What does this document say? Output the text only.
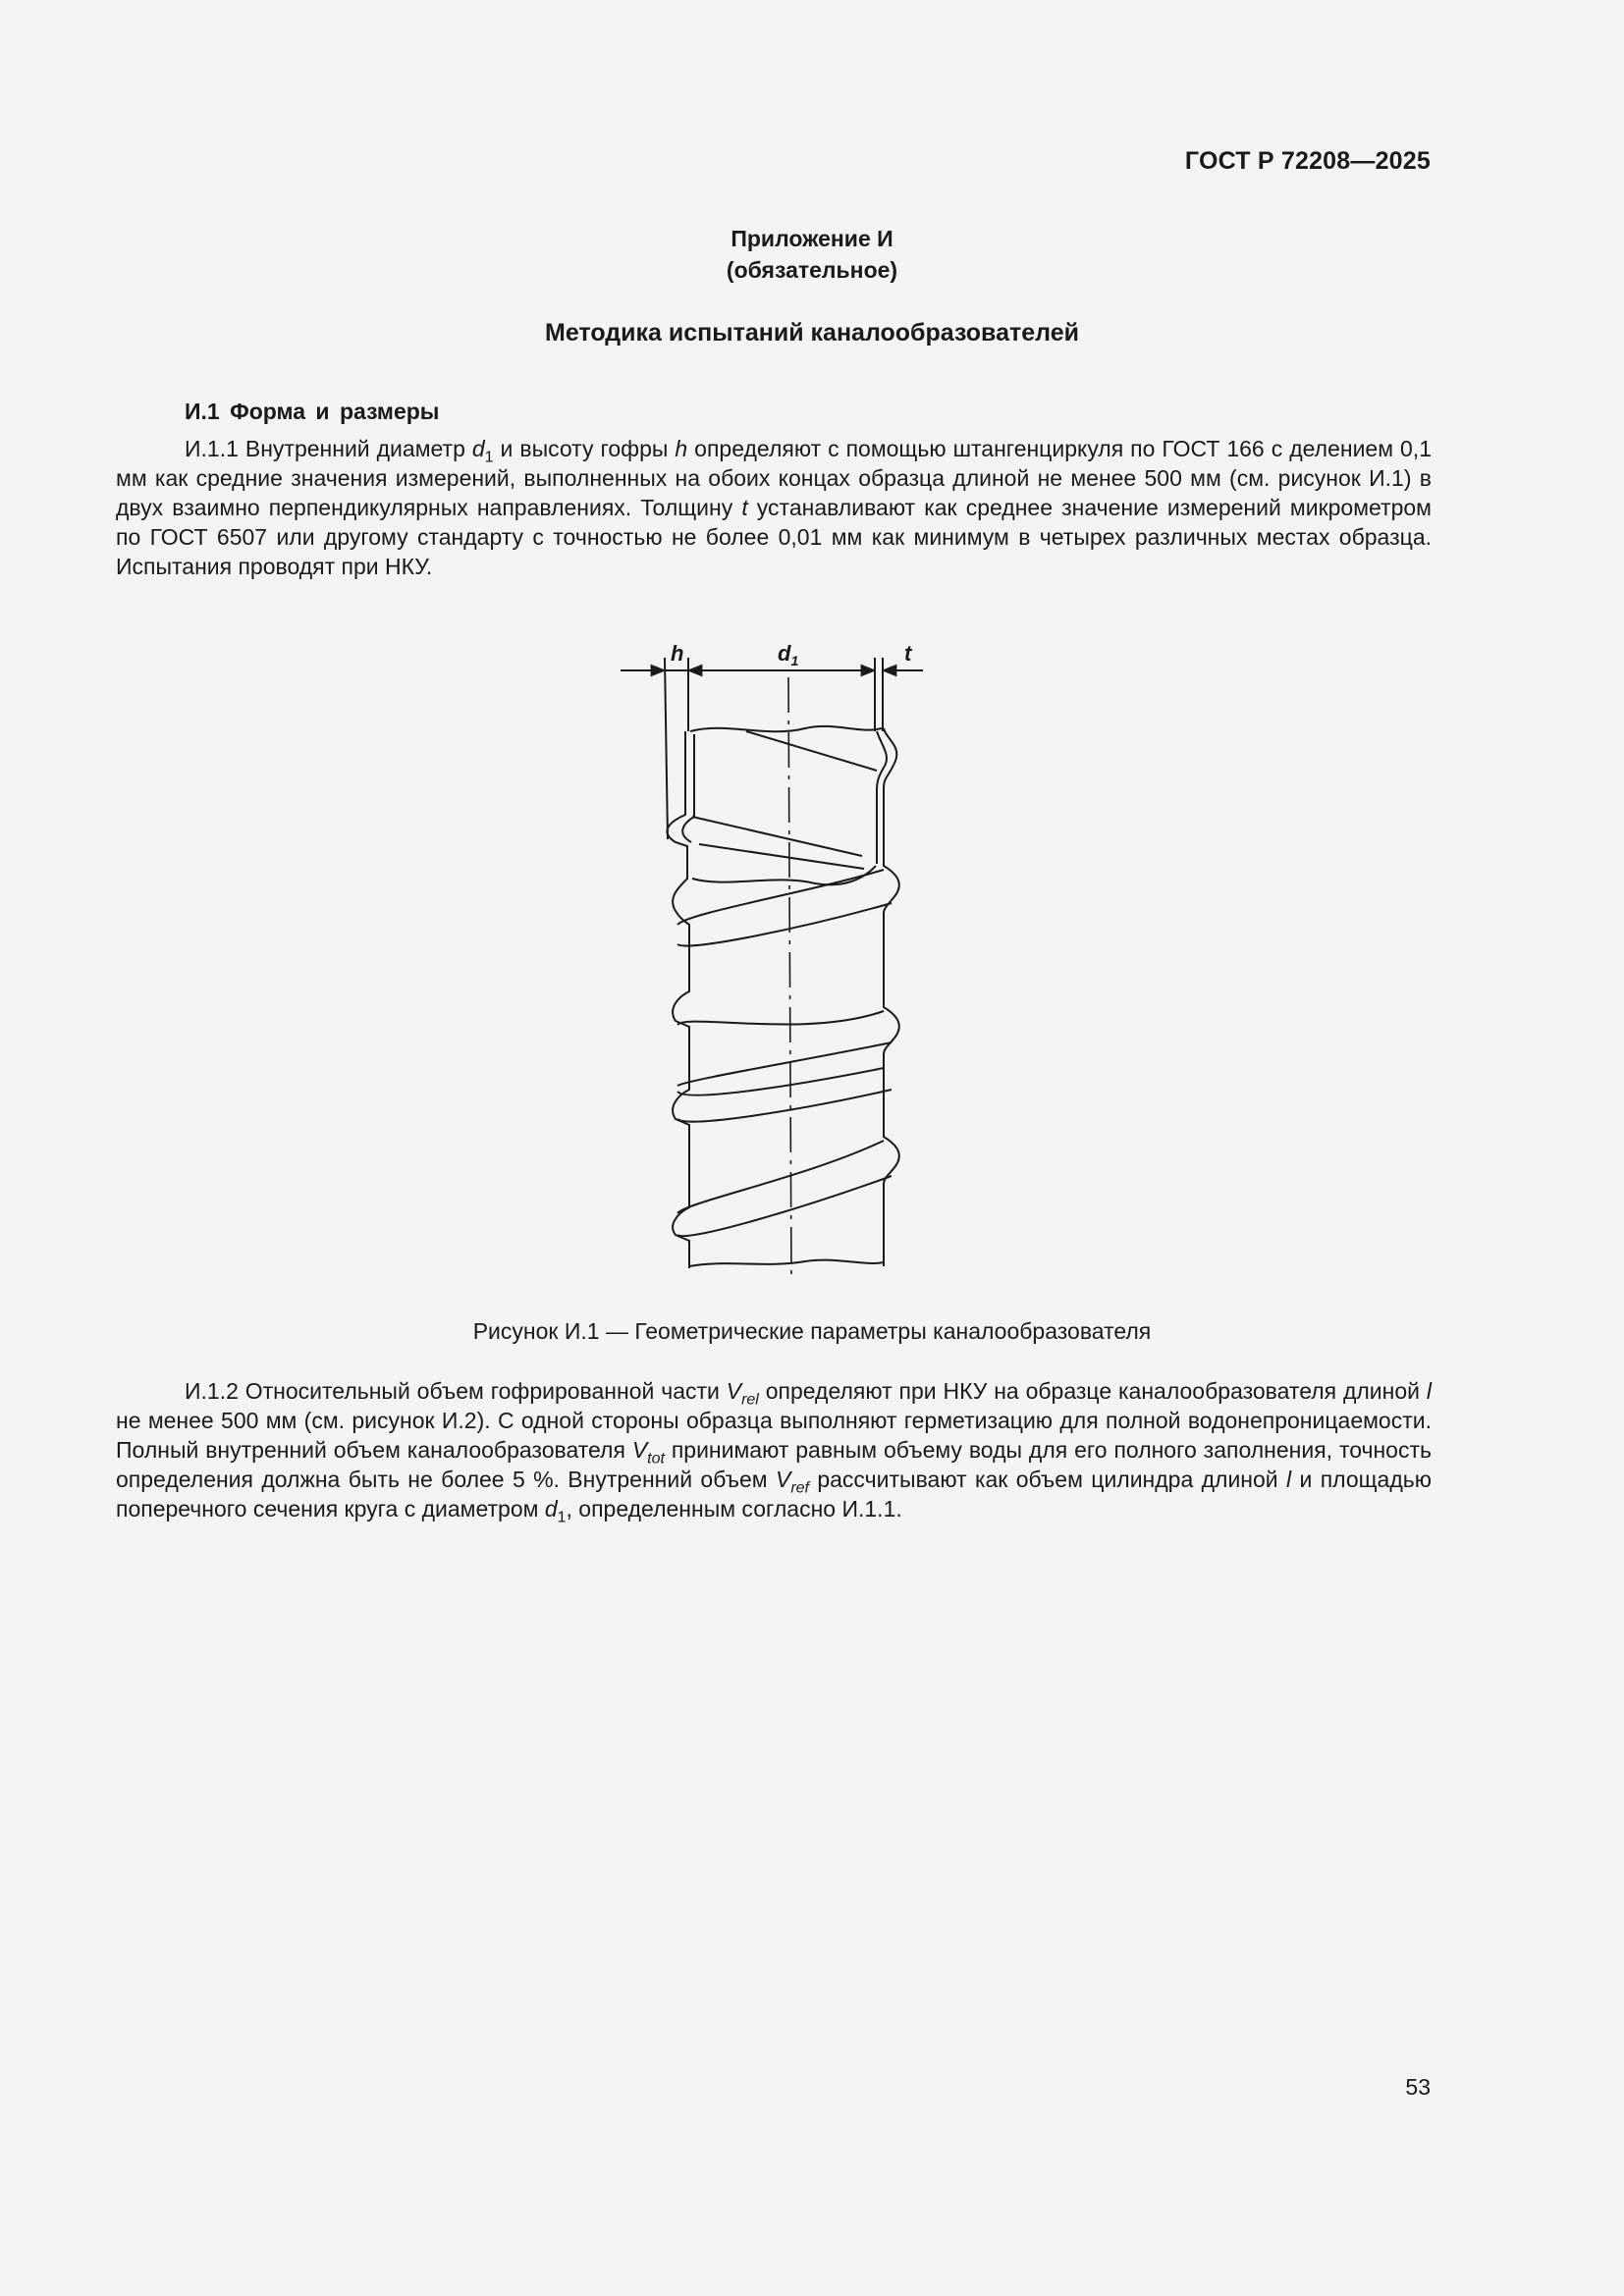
ГОСТ Р 72208—2025
Приложение И
(обязательное)
Методика испытаний каналообразователей
И.1 Форма и размеры
И.1.1 Внутренний диаметр $d_1$ и высоту гофры h определяют с помощью штангенциркуля по ГОСТ 166 с делением 0,1 мм как средние значения измерений, выполненных на обоих концах образца длиной не менее 500 мм (см. рисунок И.1) в двух взаимно перпендикулярных направлениях. Толщину t устанавливают как среднее значение измерений микрометром по ГОСТ 6507 или другому стандарту с точностью не более 0,01 мм как минимум в четырех различных местах образца. Испытания проводят при НКУ.
h	$d_1$	t
Рисунок И.1 — Геометрические параметры каналообразователя
И.1.2 Относительный объем гофрированной части $V_{rel}$ определяют при НКУ на образце каналообразователя длиной l не менее 500 мм (см. рисунок И.2). С одной стороны образца выполняют герметизацию для полной водонепроницаемости. Полный внутренний объем каналообразователя $V_{tot}$ принимают равным объему воды для его полного заполнения, точность определения должна быть не более 5 %. Внутренний объем $V_{ref}$ рассчитывают как объем цилиндра длиной l и площадью поперечного сечения круга с диаметром $d_1$, определенным согласно И.1.1.
53
